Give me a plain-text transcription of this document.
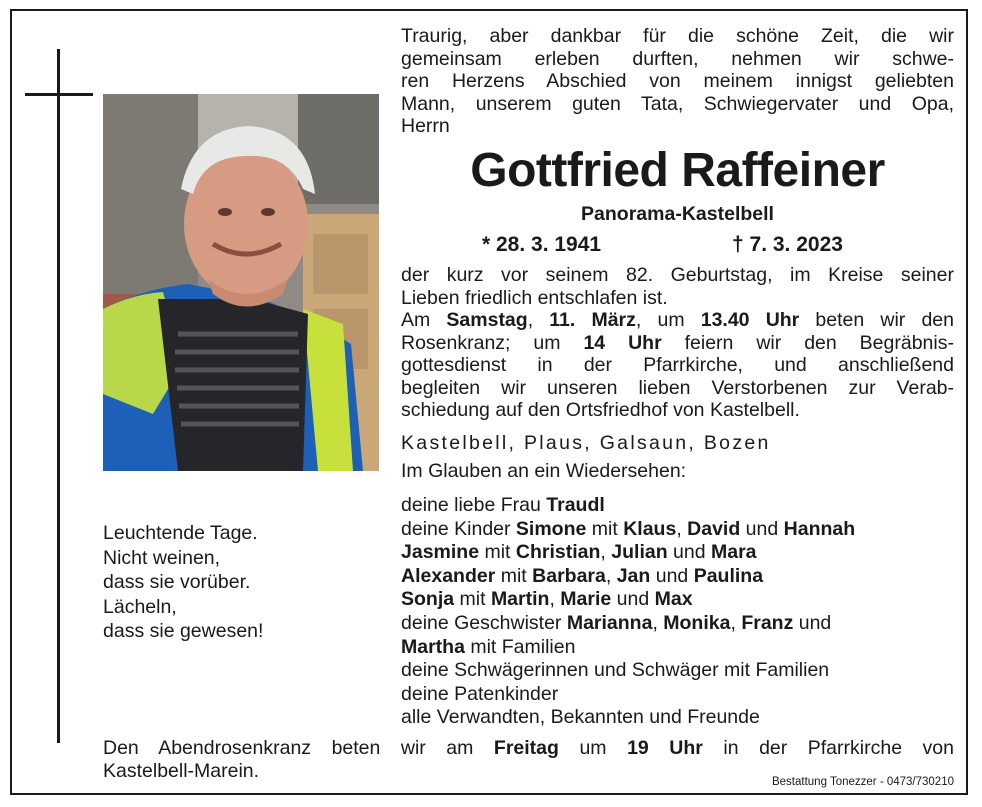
Leuchtende Tage.
Nicht weinen,
dass sie vorüber.
Lächeln,
dass sie gewesen!
Traurig, aber dankbar für die schöne Zeit, die wir
gemeinsam erleben durften, nehmen wir schwe-
ren Herzens Abschied von meinem innigst geliebten
Mann, unserem guten Tata, Schwiegervater und Opa,
Herrn
Gottfried Raffeiner
Panorama-Kastelbell
* 28. 3. 1941	† 7. 3. 2023
der kurz vor seinem 82. Geburtstag, im Kreise seiner
Lieben friedlich entschlafen ist.
Am Samstag, 11. März, um 13.40 Uhr beten wir den
Rosenkranz; um 14 Uhr feiern wir den Begräbnis-
gottesdienst in der Pfarrkirche, und anschließend
begleiten wir unseren lieben Verstorbenen zur Verab-
schiedung auf den Ortsfriedhof von Kastelbell.
Kastelbell, Plaus, Galsaun, Bozen
Im Glauben an ein Wiedersehen:
deine liebe Frau Traudl
deine Kinder Simone mit Klaus, David und Hannah
Jasmine mit Christian, Julian und Mara
Alexander mit Barbara, Jan und Paulina
Sonja mit Martin, Marie und Max
deine Geschwister Marianna, Monika, Franz und
Martha mit Familien
deine Schwägerinnen und Schwäger mit Familien
deine Patenkinder
alle Verwandten, Bekannten und Freunde
Den Abendrosenkranz beten wir am Freitag um 19 Uhr in der Pfarrkirche von
Kastelbell-Marein.	Bestattung Tonezzer - 0473/730210
